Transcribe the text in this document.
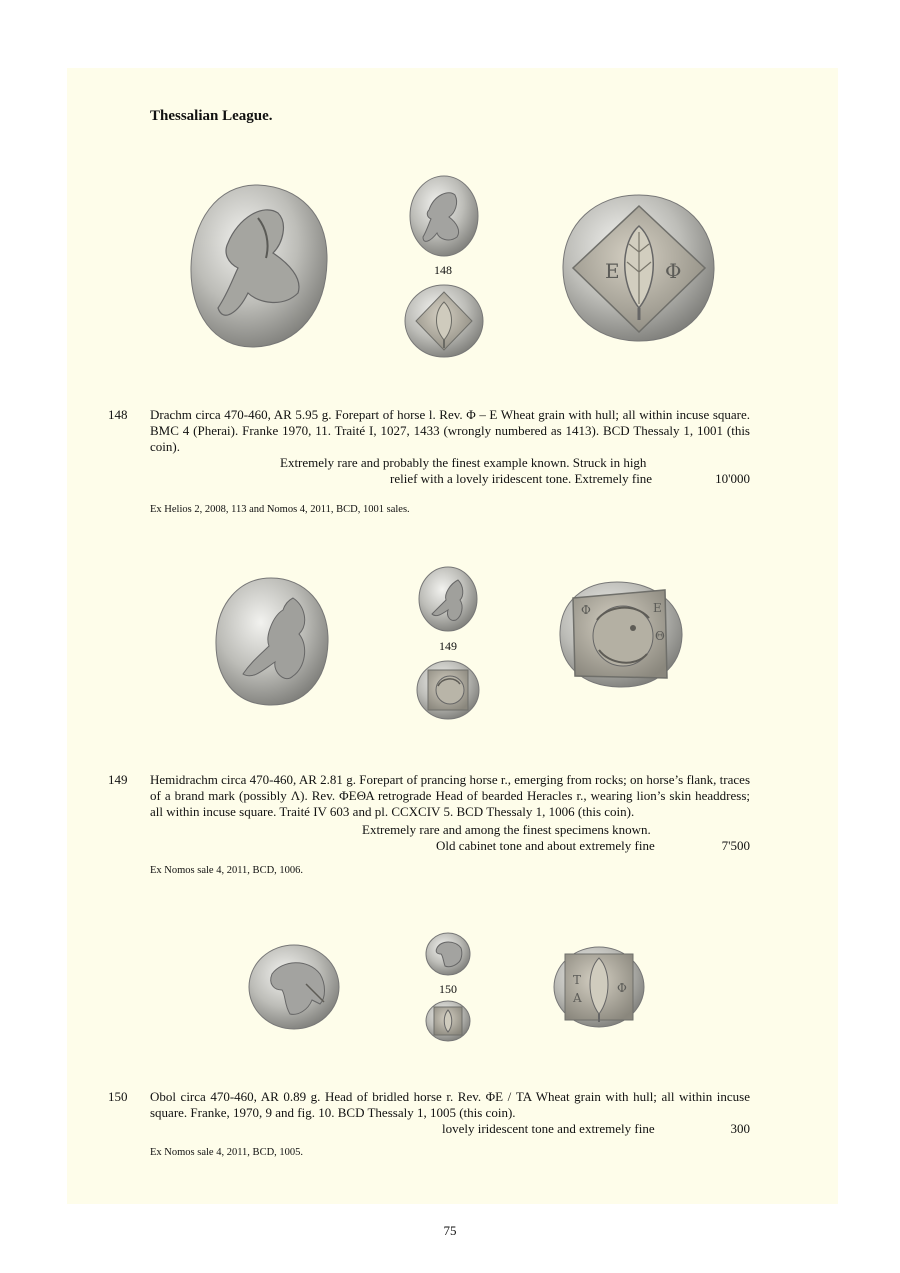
Thessalian League.
148	Ε Φ
148 Drachm circa 470-460, AR 5.95 g. Forepart of horse l. Rev. Φ – E Wheat grain with hull; all within incuse square. BMC 4 (Pherai). Franke 1970, 11. Traité I, 1027, 1433 (wrongly numbered as 1413). BCD Thessaly 1, 1001 (this coin).
Extremely rare and probably the finest example known. Struck in high
relief with a lovely iridescent tone. Extremely fine	10'000
Ex Helios 2, 2008, 113 and Nomos 4, 2011, BCD, 1001 sales.
149
Φ	Ε
Θ
149 Hemidrachm circa 470-460, AR 2.81 g. Forepart of prancing horse r., emerging from rocks; on horse’s flank, traces of a brand mark (possibly Λ). Rev. ΦΕΘΑ retrograde Head of bearded Heracles r., wearing lion’s skin headdress; all within incuse square. Traité IV 603 and pl. CCXCIV 5. BCD Thessaly 1, 1006 (this coin).
Extremely rare and among the finest specimens known.
Old cabinet tone and about extremely fine	7'500
Ex Nomos sale 4, 2011, BCD, 1006.
150
Τ
Α
Φ
150 Obol circa 470-460, AR 0.89 g. Head of bridled horse r. Rev. ΦΕ / TA Wheat grain with hull; all within incuse square. Franke, 1970, 9 and fig. 10. BCD Thessaly 1, 1005 (this coin).
lovely iridescent tone and extremely fine	300
Ex Nomos sale 4, 2011, BCD, 1005.
75
